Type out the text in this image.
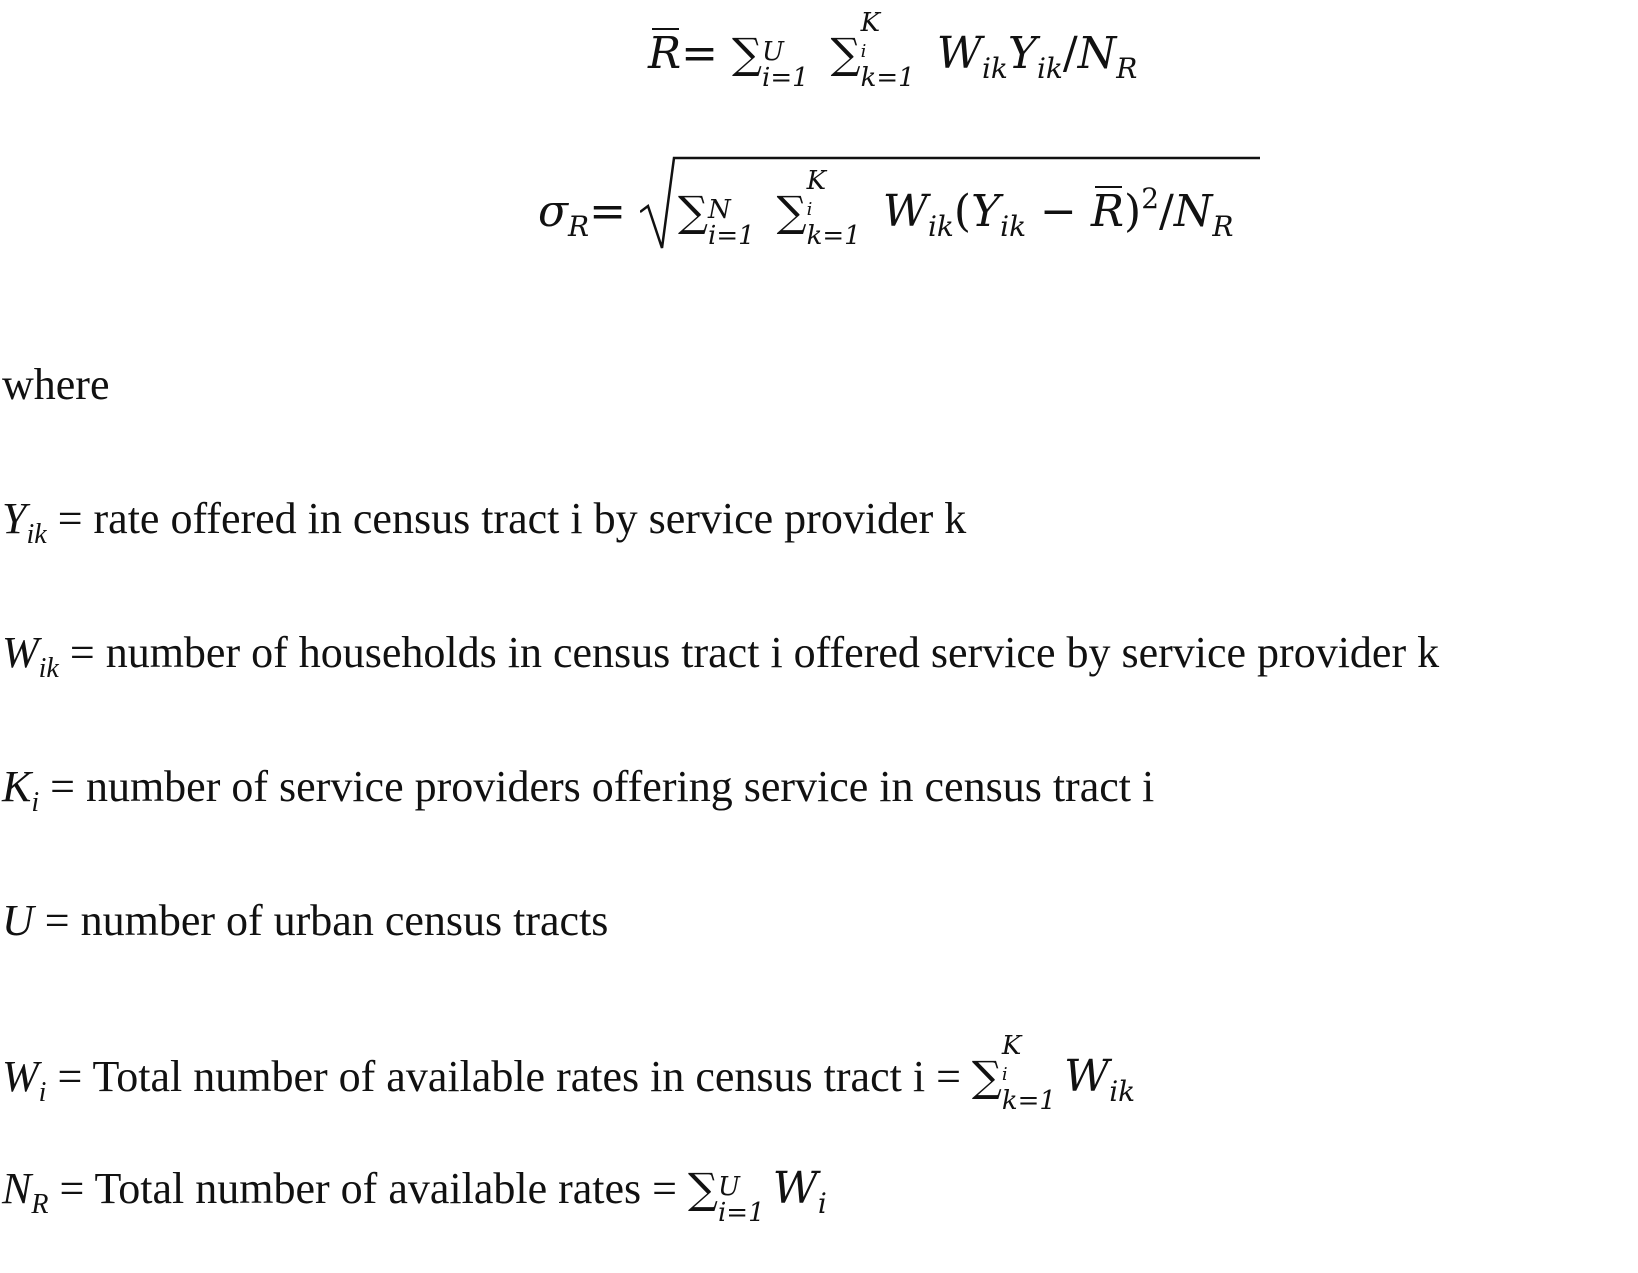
R= ∑ U
i=1 ∑
K
i
k=1 $W_{ik}Y_{ik}/N_R$
$\sigma_R=$ ∑ N
i=1 ∑
K
i
k=1 $W_{ik}(Y_{ik} - R)^2/N_R$
where
$Y_{ik}$ = rate offered in census tract i by service provider k
$W_{ik}$ = number of households in census tract i offered service by service provider k
$K_i$ = number of service providers offering service in census tract i
U = number of urban census tracts
$W_i$ = Total number of available rates in census tract i = ∑
K
i
k=1 $W_{ik}$
$N_R$ = Total number of available rates = ∑ U
i=1 $W_i$
